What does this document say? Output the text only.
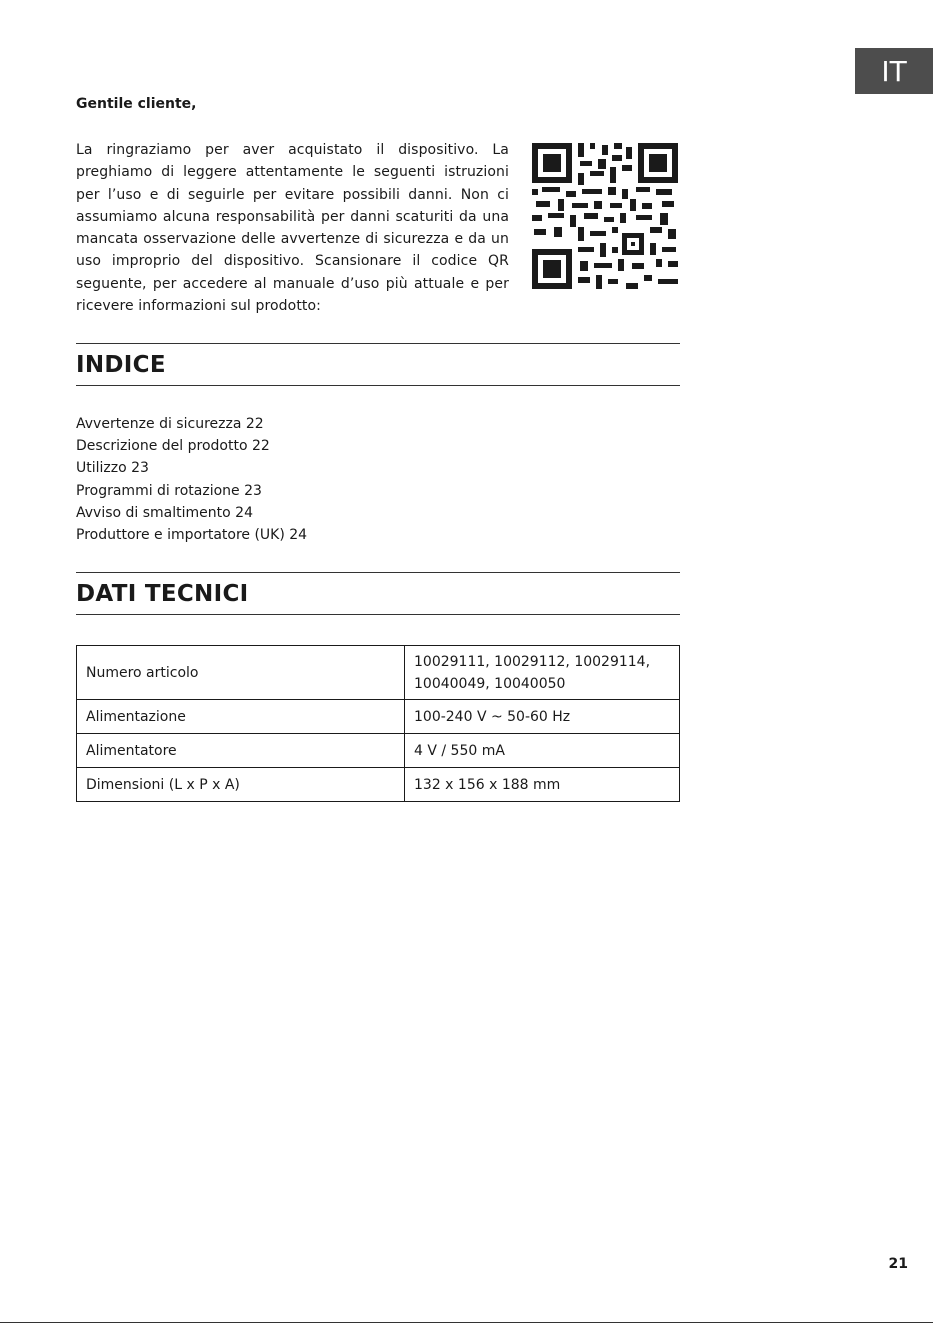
IT

Gentile cliente,

La ringraziamo per aver acquistato il dispositivo. La preghiamo di leggere attentamente le seguenti istruzioni per l’uso e di seguirle per evitare possibili danni. Non ci assumiamo alcuna responsabilità per danni scaturiti da una mancata osservazione delle avvertenze di sicurezza e da un uso improprio del dispositivo. Scansionare il codice QR seguente, per accedere al manuale d’uso più attuale e per ricevere informazioni sul prodotto:

INDICE
Avvertenze di sicurezza 22
Descrizione del prodotto 22
Utilizzo 23
Programmi di rotazione 23
Avviso di smaltimento 24
Produttore e importatore (UK) 24
DATI TECNICI
Numero articolo	10029111, 10029112, 10029114,
10040049, 10040050

Alimentazione	100-240 V ~ 50-60 Hz
Alimentatore	4 V / 550 mA
Dimensioni (L x P x A)	132 x 156 x 188 mm
21
